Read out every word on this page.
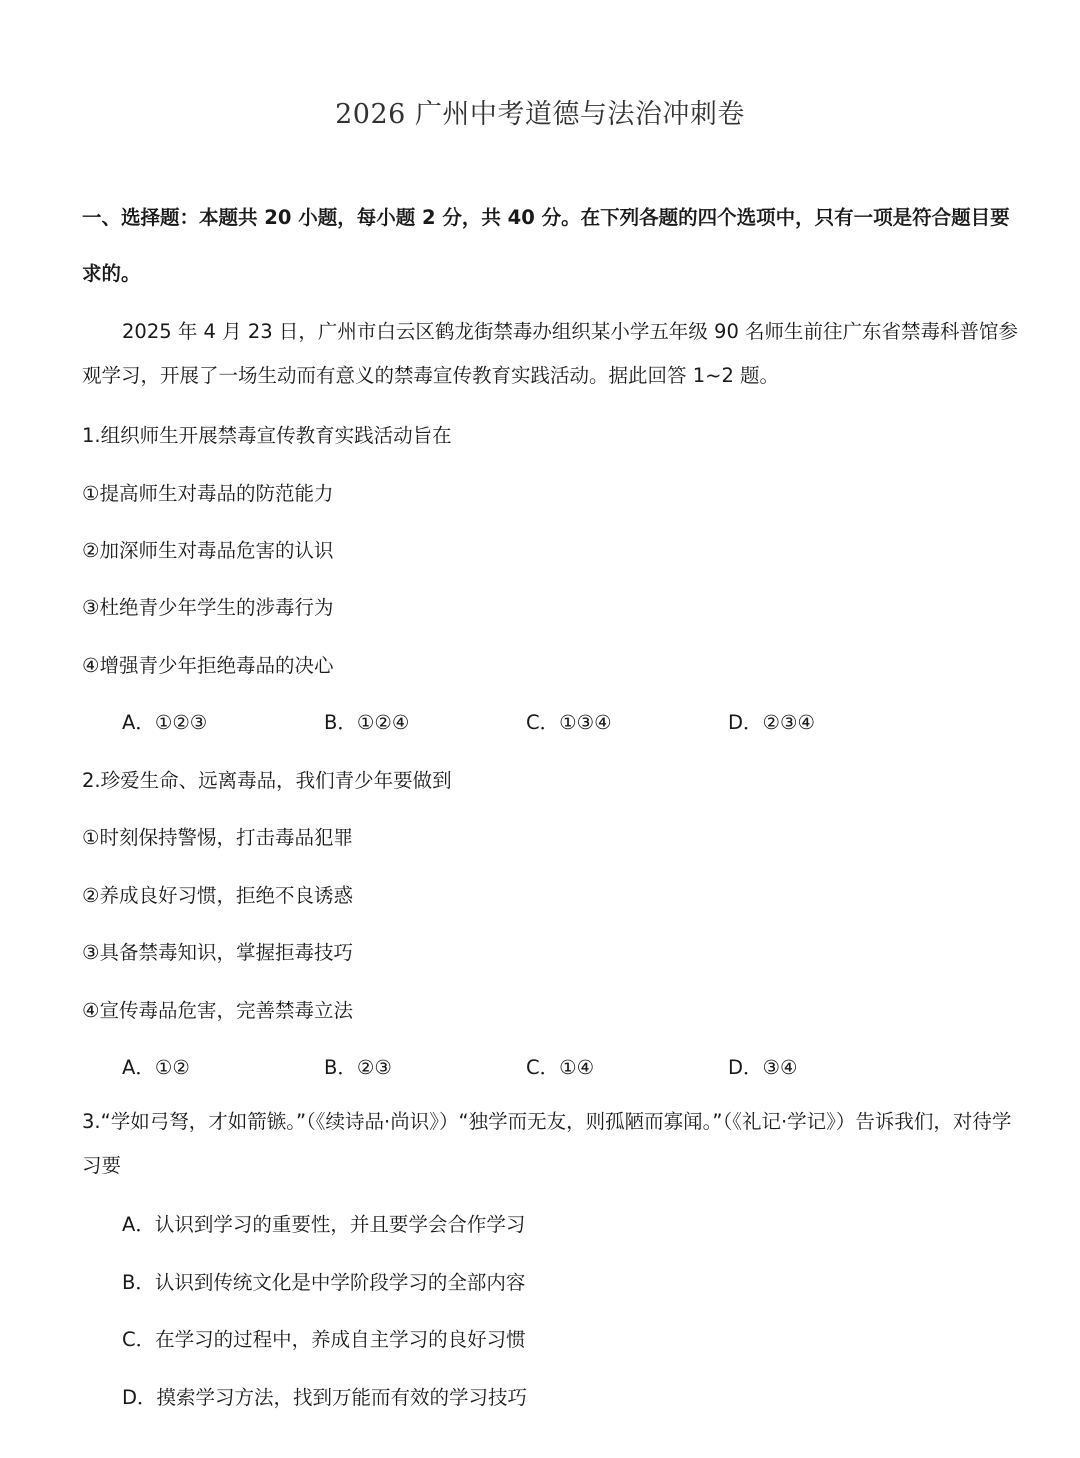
2026 广州中考道德与法治冲刺卷
一、选择题：本题共 20 小题，每小题 2 分，共 40 分。在下列各题的四个选项中，只有一项是符合题目要求的。
2025 年 4 月 23 日，广州市白云区鹤龙街禁毒办组织某小学五年级 90 名师生前往广东省禁毒科普馆参观学习，开展了一场生动而有意义的禁毒宣传教育实践活动。据此回答 1~2 题。
1.组织师生开展禁毒宣传教育实践活动旨在
①提高师生对毒品的防范能力
②加深师生对毒品危害的认识
③杜绝青少年学生的涉毒行为
④增强青少年拒绝毒品的决心
A．①②③	B．①②④	C．①③④	D．②③④
2.珍爱生命、远离毒品，我们青少年要做到
①时刻保持警惕，打击毒品犯罪
②养成良好习惯，拒绝不良诱惑
③具备禁毒知识，掌握拒毒技巧
④宣传毒品危害，完善禁毒立法
A．①②	B．②③	C．①④	D．③④
3.“学如弓弩，才如箭镞。”（《续诗品·尚识》）“独学而无友，则孤陋而寡闻。”（《礼记·学记》）告诉我们，对待学习要
A．认识到学习的重要性，并且要学会合作学习
B．认识到传统文化是中学阶段学习的全部内容
C．在学习的过程中，养成自主学习的良好习惯
D．摸索学习方法，找到万能而有效的学习技巧
